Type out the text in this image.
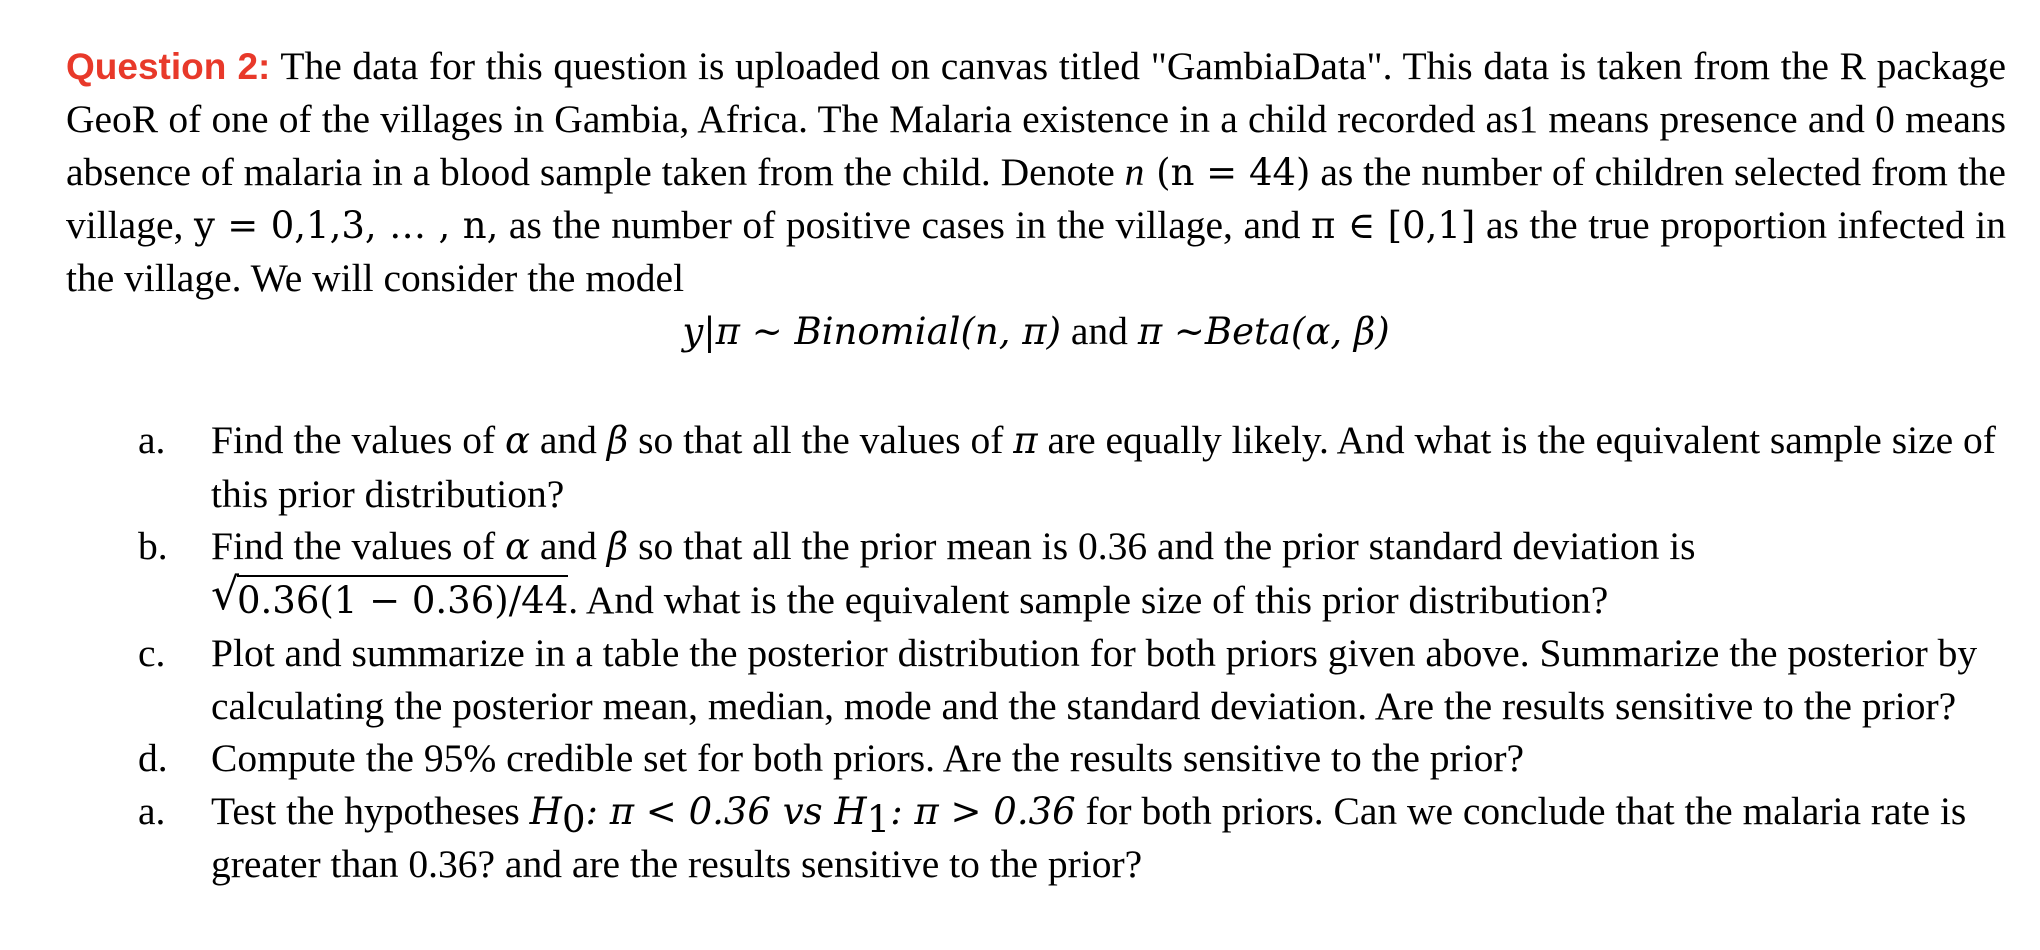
Question 2: The data for this question is uploaded on canvas titled "GambiaData". This data is taken from the R package GeoR of one of the villages in Gambia, Africa. The Malaria existence in a child recorded as1 means presence and 0 means absence of malaria in a blood sample taken from the child. Denote n (n = 44) as the number of children selected from the village, y = 0,1,3, … , n, as the number of positive cases in the village, and π ∈ [0,1] as the true proportion infected in the village. We will consider the model

y|π ~ Binomial(n, π) and π ~Beta(α, β)

a. Find the values of α and β so that all the values of π are equally likely. And what is the equivalent sample size of this prior distribution?
b. Find the values of α and β so that all the prior mean is 0.36 and the prior standard deviation is
√
0.36(1 − 0.36)/44. And what is the equivalent sample size of this prior distribution?
c. Plot and summarize in a table the posterior distribution for both priors given above. Summarize the posterior by calculating the posterior mean, median, mode and the standard deviation. Are the results sensitive to the prior?
d. Compute the 95% credible set for both priors. Are the results sensitive to the prior?
a. Test the hypotheses $H_0$: π < 0.36 vs $H_1$: π > 0.36 for both priors. Can we conclude that the malaria rate is greater than 0.36? and are the results sensitive to the prior?
